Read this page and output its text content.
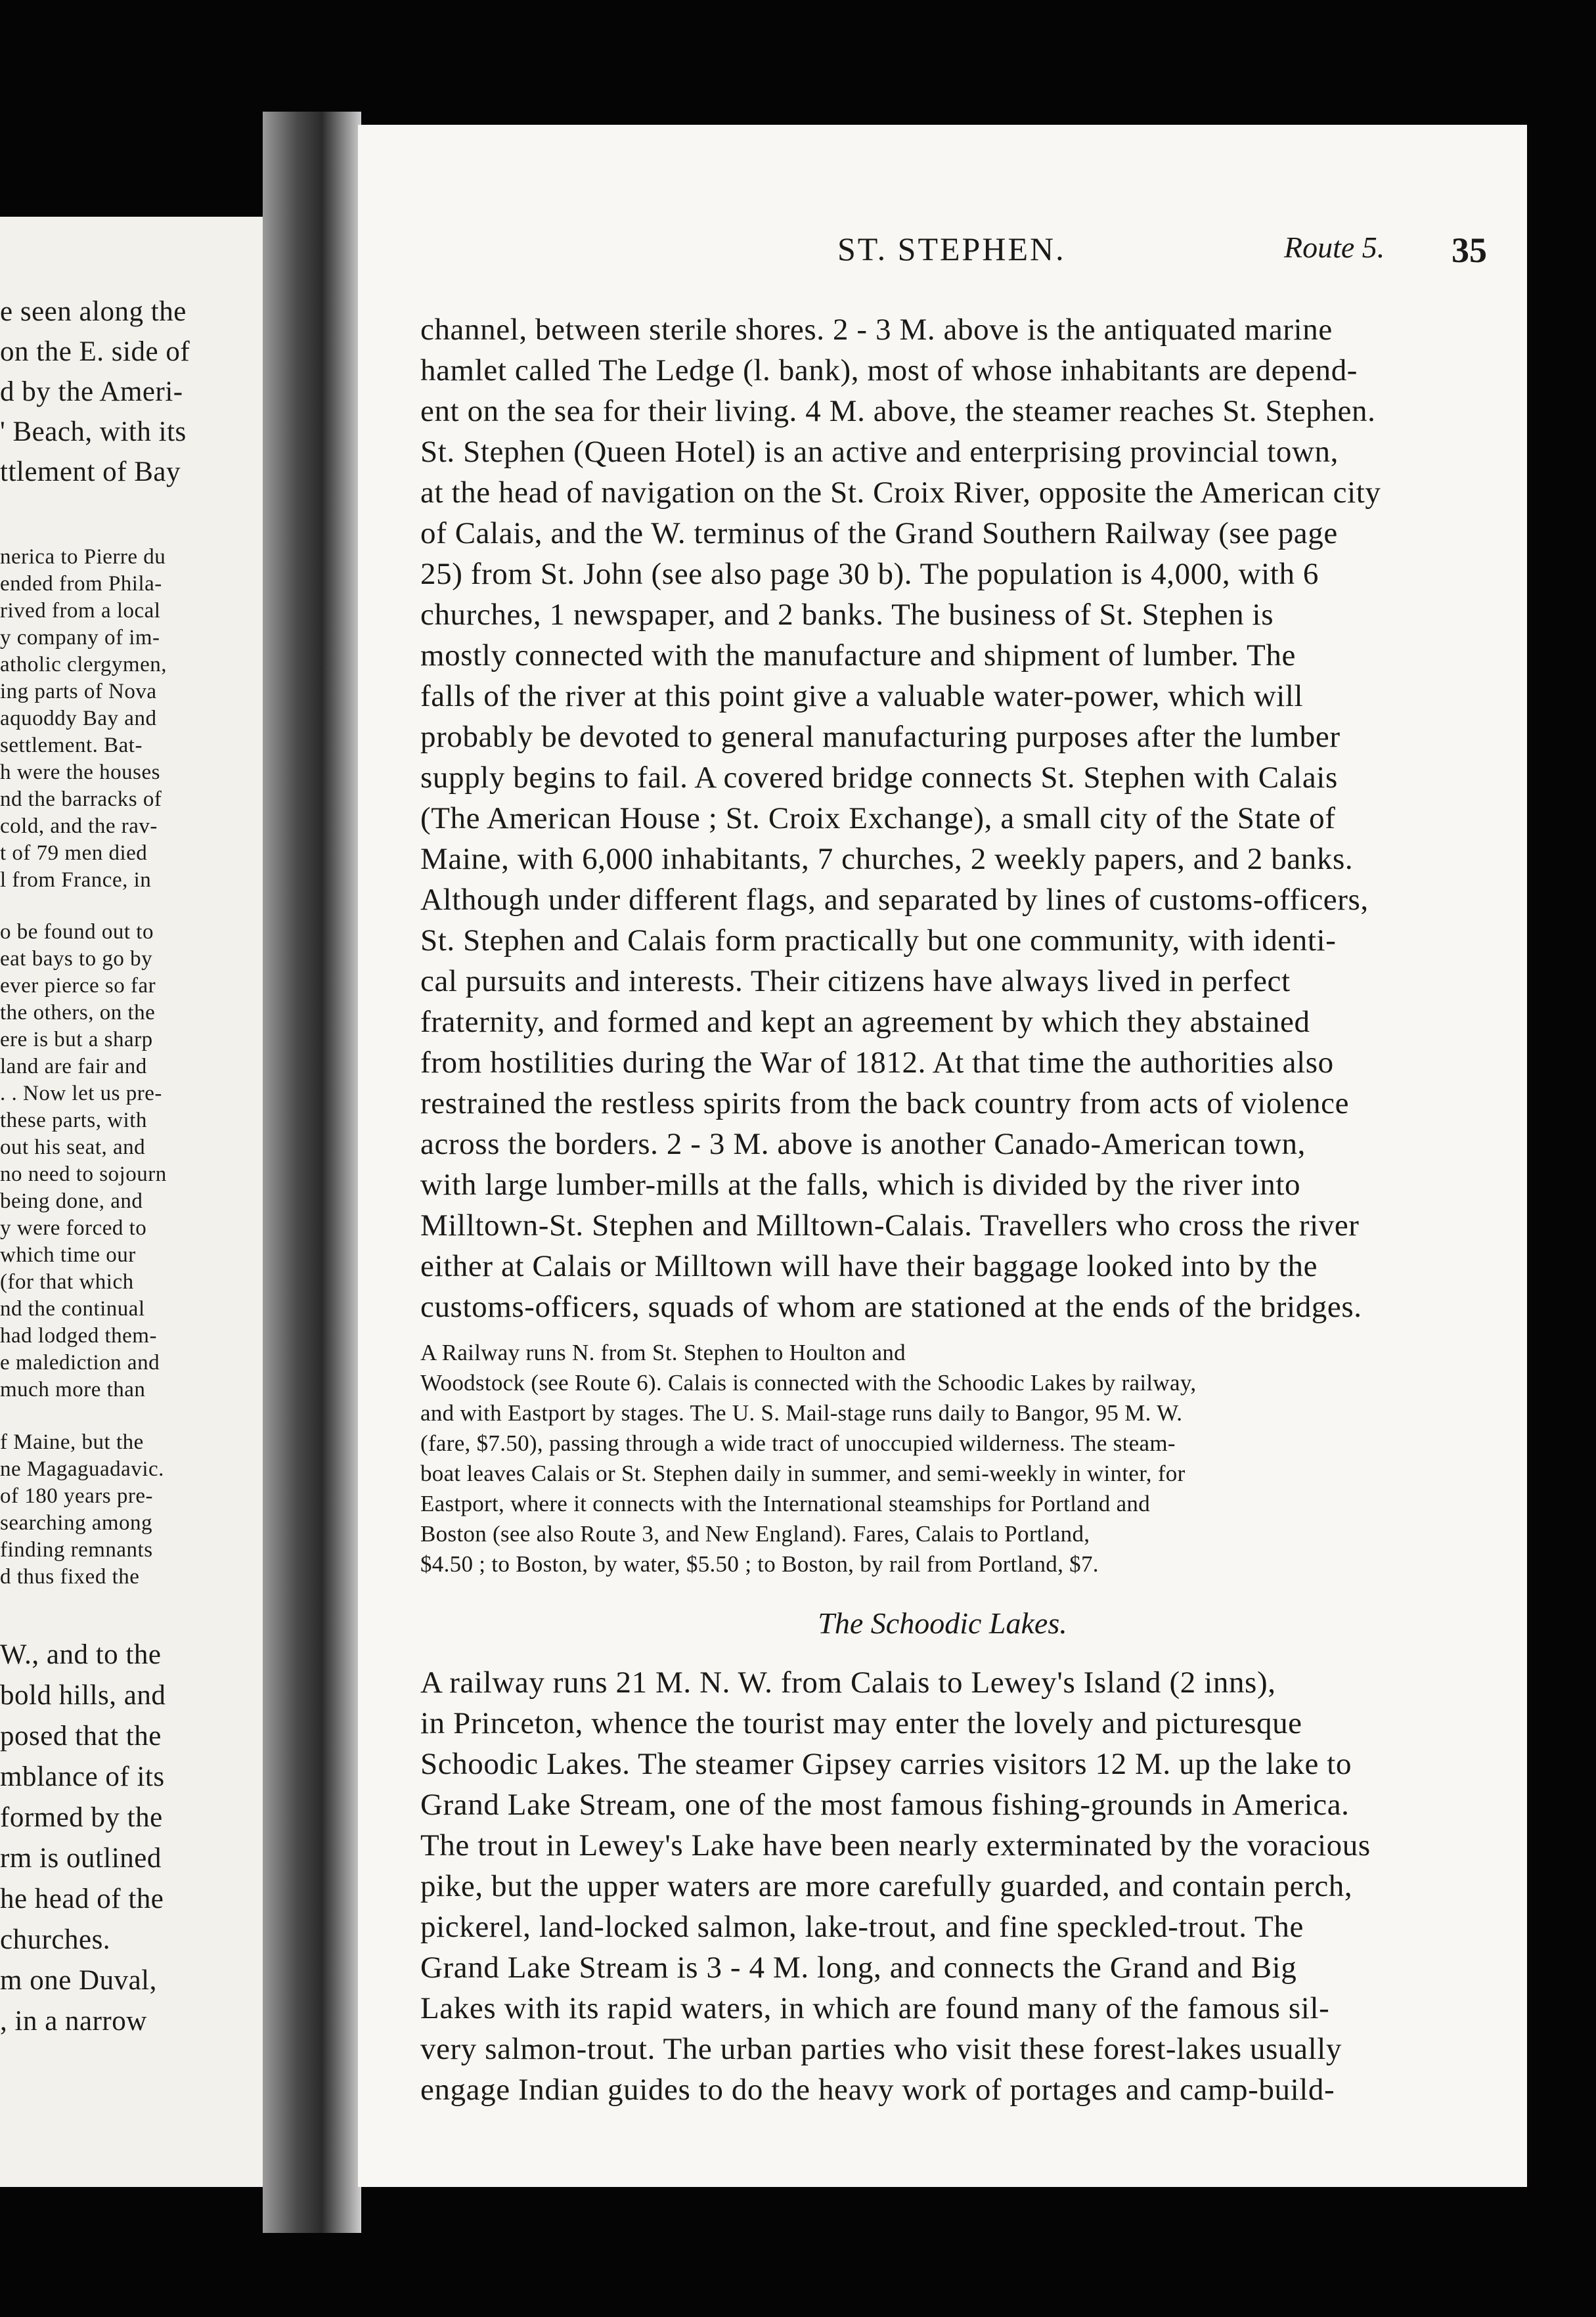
e seen along the
on the E. side of
d by the Ameri-
' Beach, with its
ttlement of Bay
nerica to Pierre du
ended from Phila-
rived from a local
y company of im-
atholic clergymen,
ing parts of Nova
aquoddy Bay and
settlement. Bat-
h were the houses
nd the barracks of
cold, and the rav-
t of 79 men died
l from France, in
o be found out to
eat bays to go by
ever pierce so far
the others, on the
ere is but a sharp
land are fair and
. . Now let us pre-
these parts, with
out his seat, and
no need to sojourn
being done, and
y were forced to
which time our
(for that which
nd the continual
had lodged them-
e malediction and
much more than
f Maine, but the
ne Magaguadavic.
of 180 years pre-
searching among
finding remnants
d thus fixed the
W., and to the
bold hills, and
posed that the
mblance of its
formed by the
rm is outlined
he head of the
churches.
m one Duval,
, in a narrow
ST. STEPHEN.	Route 5. 35
channel, between sterile shores. 2 - 3 M. above is the antiquated marine
hamlet called The Ledge (l. bank), most of whose inhabitants are depend-
ent on the sea for their living. 4 M. above, the steamer reaches St. Stephen.
St. Stephen (Queen Hotel) is an active and enterprising provincial town,
at the head of navigation on the St. Croix River, opposite the American city
of Calais, and the W. terminus of the Grand Southern Railway (see page
25) from St. John (see also page 30 b). The population is 4,000, with 6
churches, 1 newspaper, and 2 banks. The business of St. Stephen is
mostly connected with the manufacture and shipment of lumber. The
falls of the river at this point give a valuable water-power, which will
probably be devoted to general manufacturing purposes after the lumber
supply begins to fail. A covered bridge connects St. Stephen with Calais
(The American House ; St. Croix Exchange), a small city of the State of
Maine, with 6,000 inhabitants, 7 churches, 2 weekly papers, and 2 banks.
Although under different flags, and separated by lines of customs-officers,
St. Stephen and Calais form practically but one community, with identi-
cal pursuits and interests. Their citizens have always lived in perfect
fraternity, and formed and kept an agreement by which they abstained
from hostilities during the War of 1812. At that time the authorities also
restrained the restless spirits from the back country from acts of violence
across the borders. 2 - 3 M. above is another Canado-American town,
with large lumber-mills at the falls, which is divided by the river into
Milltown-St. Stephen and Milltown-Calais. Travellers who cross the river
either at Calais or Milltown will have their baggage looked into by the
customs-officers, squads of whom are stationed at the ends of the bridges.
A Railway runs N. from St. Stephen to Houlton and
Woodstock (see Route 6). Calais is connected with the Schoodic Lakes by railway,
and with Eastport by stages. The U. S. Mail-stage runs daily to Bangor, 95 M. W.
(fare, $7.50), passing through a wide tract of unoccupied wilderness. The steam-
boat leaves Calais or St. Stephen daily in summer, and semi-weekly in winter, for
Eastport, where it connects with the International steamships for Portland and
Boston (see also Route 3, and New England). Fares, Calais to Portland,
$4.50 ; to Boston, by water, $5.50 ; to Boston, by rail from Portland, $7.
The Schoodic Lakes.
A railway runs 21 M. N. W. from Calais to Lewey's Island (2 inns),
in Princeton, whence the tourist may enter the lovely and picturesque
Schoodic Lakes. The steamer Gipsey carries visitors 12 M. up the lake to
Grand Lake Stream, one of the most famous fishing-grounds in America.
The trout in Lewey's Lake have been nearly exterminated by the voracious
pike, but the upper waters are more carefully guarded, and contain perch,
pickerel, land-locked salmon, lake-trout, and fine speckled-trout. The
Grand Lake Stream is 3 - 4 M. long, and connects the Grand and Big
Lakes with its rapid waters, in which are found many of the famous sil-
very salmon-trout. The urban parties who visit these forest-lakes usually
engage Indian guides to do the heavy work of portages and camp-build-
